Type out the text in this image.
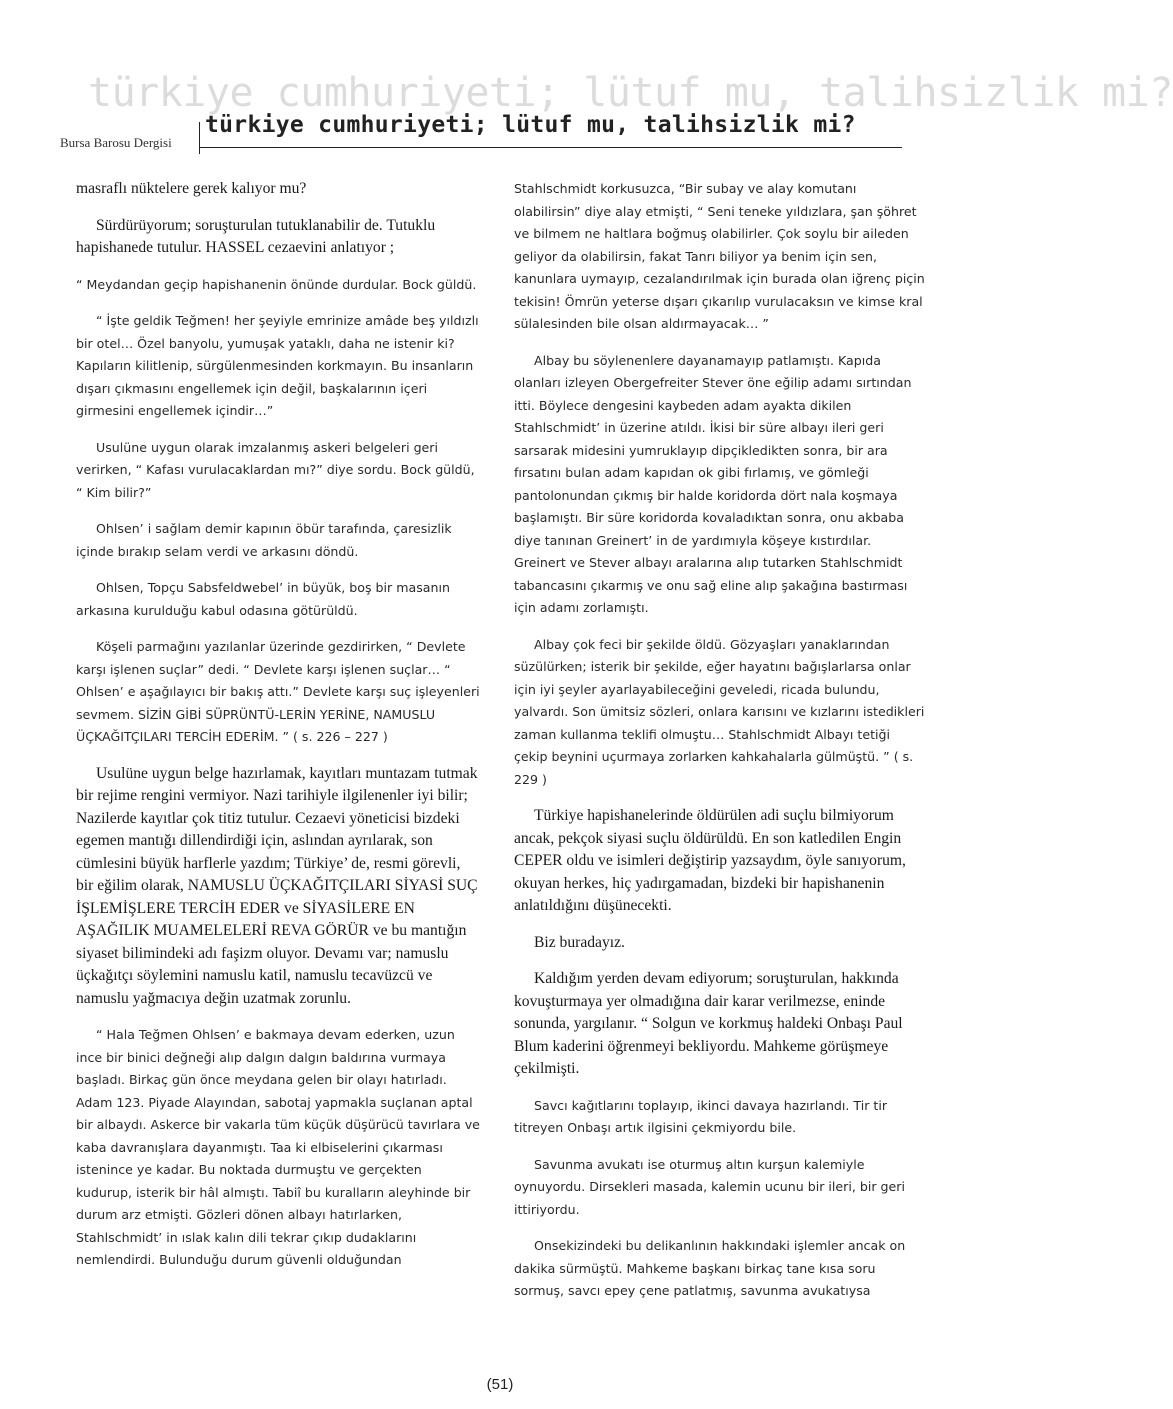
türkiye cumhuriyeti; lütuf mu, talihsizlik mi?
Bursa Barosu Dergisi
türkiye cumhuriyeti; lütuf mu, talihsizlik mi?

masraflı nüktelere gerek kalıyor mu?

Sürdürüyorum; soruşturulan tutuklanabilir de. Tutuklu hapishanede tutulur. HASSEL cezaevini anlatıyor ;

“ Meydandan geçip hapishanenin önünde durdular. Bock güldü.

“ İşte geldik Teğmen! her şeyiyle emrinize amâde beş yıldızlı bir otel… Özel banyolu, yumuşak yataklı, daha ne istenir ki? Kapıların kilitlenip, sürgülenmesinden korkmayın. Bu insanların dışarı çıkmasını engellemek için değil, başkalarının içeri girmesini engellemek içindir…”

Usulüne uygun olarak imzalanmış askeri belgeleri geri verirken, “ Kafası vurulacaklardan mı?” diye sordu. Bock güldü, “ Kim bilir?”

Ohlsen’ i sağlam demir kapının öbür tarafında, çaresizlik içinde bırakıp selam verdi ve arkasını döndü.

Ohlsen, Topçu Sabsfeldwebel’ in büyük, boş bir masanın arkasına kurulduğu kabul odasına götürüldü.

Köşeli parmağını yazılanlar üzerinde gezdirirken, “ Devlete karşı işlenen suçlar” dedi. “ Devlete karşı işlenen suçlar… “ Ohlsen’ e aşağılayıcı bir bakış attı.” Devlete karşı suç işleyenleri sevmem. SİZİN GİBİ SÜPRÜNTÜ-LERİN YERİNE, NAMUSLU ÜÇKAĞITÇILARI TERCİH EDERİM. ” ( s. 226 – 227 )

Usulüne uygun belge hazırlamak, kayıtları muntazam tutmak bir rejime rengini vermiyor. Nazi tarihiyle ilgilenenler iyi bilir; Nazilerde kayıtlar çok titiz tutulur. Cezaevi yöneticisi bizdeki egemen mantığı dillendirdiği için, aslından ayrılarak, son cümlesini büyük harflerle yazdım; Türkiye’ de, resmi görevli, bir eğilim olarak, NAMUSLU ÜÇKAĞITÇILARI SİYASİ SUÇ İŞLEMİŞLERE TERCİH EDER ve SİYASİLERE EN AŞAĞILIK MUAMELELERİ REVA GÖRÜR ve bu mantığın siyaset bilimindeki adı faşizm oluyor. Devamı var; namuslu üçkağıtçı söylemini namuslu katil, namuslu tecavüzcü ve namuslu yağmacıya değin uzatmak zorunlu.

“ Hala Teğmen Ohlsen’ e bakmaya devam ederken, uzun ince bir binici değneği alıp dalgın dalgın baldırına vurmaya başladı. Birkaç gün önce meydana gelen bir olayı hatırladı. Adam 123. Piyade Alayından, sabotaj yapmakla suçlanan aptal bir albaydı. Askerce bir vakarla tüm küçük düşürücü tavırlara ve kaba davranışlara dayanmıştı. Taa ki elbiselerini çıkarması istenince ye kadar. Bu noktada durmuştu ve gerçekten kudurup, isterik bir hâl almıştı. Tabiî bu kuralların aleyhinde bir durum arz etmişti. Gözleri dönen albayı hatırlarken, Stahlschmidt’ in ıslak kalın dili tekrar çıkıp dudaklarını nemlendirdi. Bulunduğu durum güvenli olduğundan

Stahlschmidt korkusuzca, “Bir subay ve alay komutanı olabilirsin” diye alay etmişti, “ Seni teneke yıldızlara, şan şöhret ve bilmem ne haltlara boğmuş olabilirler. Çok soylu bir aileden geliyor da olabilirsin, fakat Tanrı biliyor ya benim için sen, kanunlara uymayıp, cezalandırılmak için burada olan iğrenç piçin tekisin! Ömrün yeterse dışarı çıkarılıp vurulacaksın ve kimse kral sülalesinden bile olsan aldırmayacak… ”

Albay bu söylenenlere dayanamayıp patlamıştı. Kapıda olanları izleyen Obergefreiter Stever öne eğilip adamı sırtından itti. Böylece dengesini kaybeden adam ayakta dikilen Stahlschmidt’ in üzerine atıldı. İkisi bir süre albayı ileri geri sarsarak midesini yumruklayıp dipçikledikten sonra, bir ara fırsatını bulan adam kapıdan ok gibi fırlamış, ve gömleği pantolonundan çıkmış bir halde koridorda dört nala koşmaya başlamıştı. Bir süre koridorda kovaladıktan sonra, onu akbaba diye tanınan Greinert’ in de yardımıyla köşeye kıstırdılar. Greinert ve Stever albayı aralarına alıp tutarken Stahlschmidt tabancasını çıkarmış ve onu sağ eline alıp şakağına bastırması için adamı zorlamıştı.

Albay çok feci bir şekilde öldü. Gözyaşları yanaklarından süzülürken; isterik bir şekilde, eğer hayatını bağışlarlarsa onlar için iyi şeyler ayarlayabileceğini geveledi, ricada bulundu, yalvardı. Son ümitsiz sözleri, onlara karısını ve kızlarını istedikleri zaman kullanma teklifi olmuştu… Stahlschmidt Albayı tetiği çekip beynini uçurmaya zorlarken kahkahalarla gülmüştü. ” ( s. 229 )

Türkiye hapishanelerinde öldürülen adi suçlu bilmiyorum ancak, pekçok siyasi suçlu öldürüldü. En son katledilen Engin CEPER oldu ve isimleri değiştirip yazsaydım, öyle sanıyorum, okuyan herkes, hiç yadırgamadan, bizdeki bir hapishanenin anlatıldığını düşünecekti.

Biz buradayız.

Kaldığım yerden devam ediyorum; soruşturulan, hakkında kovuşturmaya yer olmadığına dair karar verilmezse, eninde sonunda, yargılanır. “ Solgun ve korkmuş haldeki Onbaşı Paul Blum kaderini öğrenmeyi bekliyordu. Mahkeme görüşmeye çekilmişti.

Savcı kağıtlarını toplayıp, ikinci davaya hazırlandı. Tir tir titreyen Onbaşı artık ilgisini çekmiyordu bile.

Savunma avukatı ise oturmuş altın kurşun kalemiyle oynuyordu. Dirsekleri masada, kalemin ucunu bir ileri, bir geri ittiriyordu.

Onsekizindeki bu delikanlının hakkındaki işlemler ancak on dakika sürmüştü. Mahkeme başkanı birkaç tane kısa soru sormuş, savcı epey çene patlatmış, savunma avukatıysa

(51)
